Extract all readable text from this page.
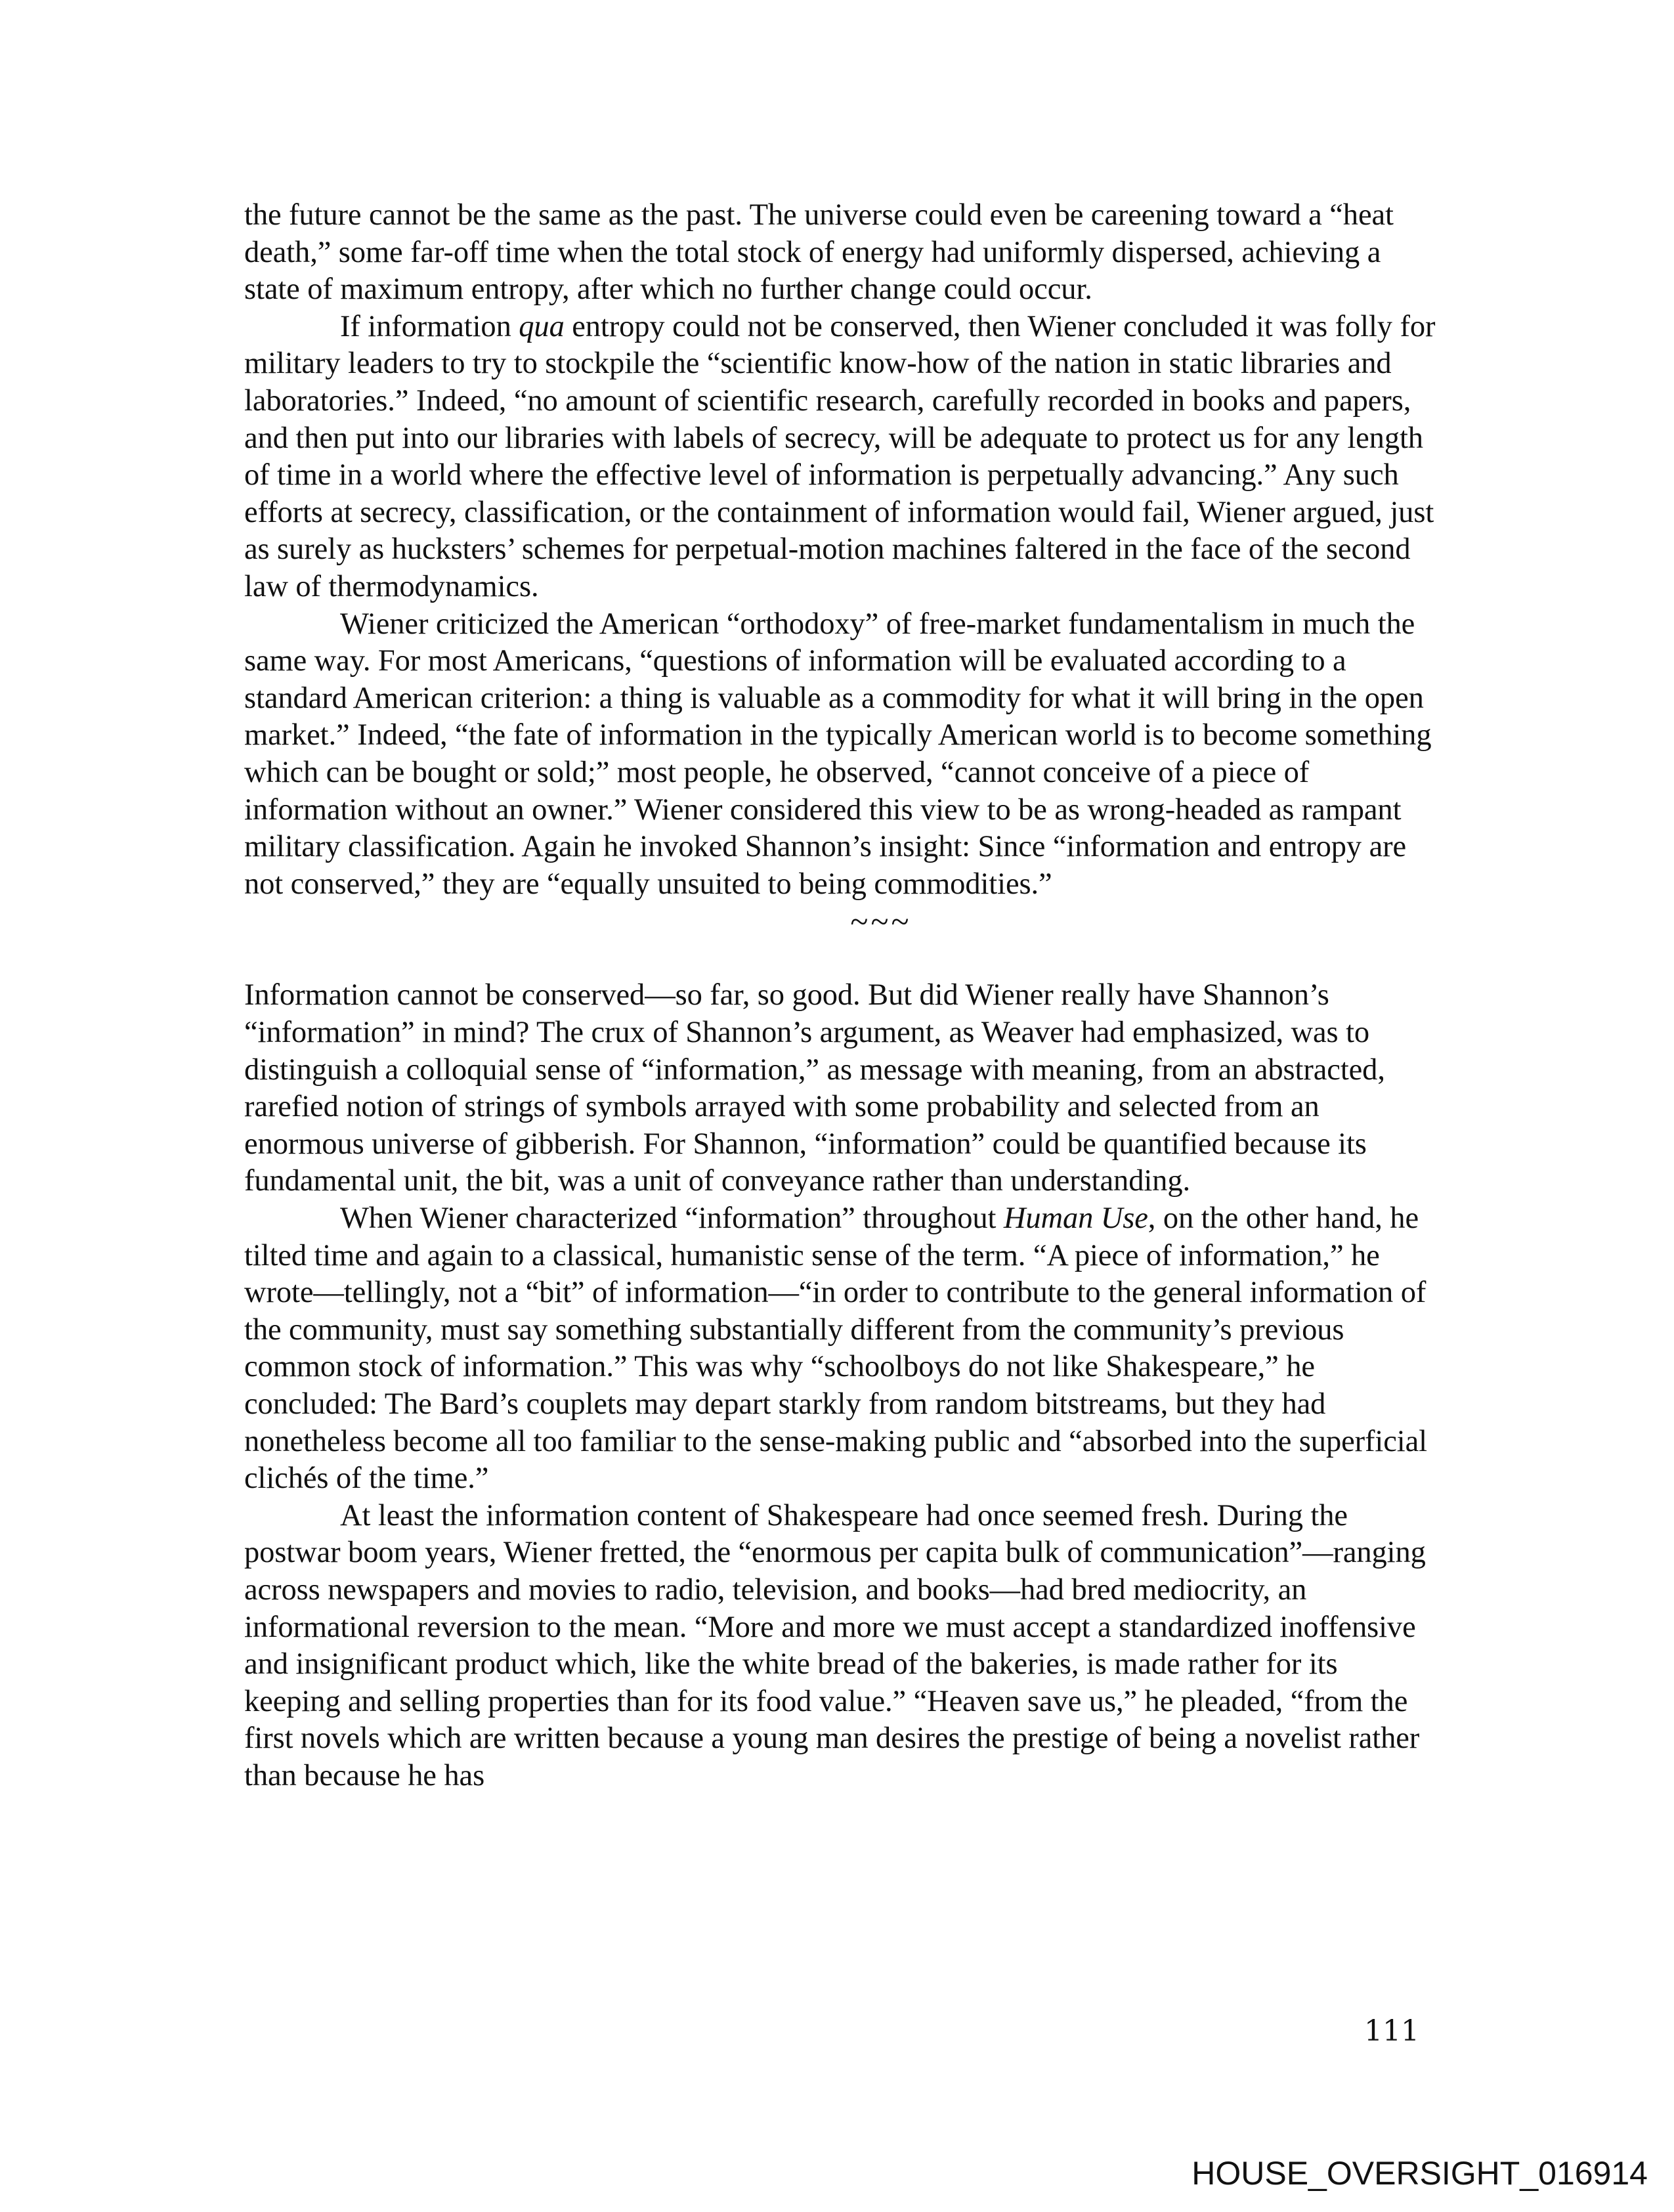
the future cannot be the same as the past. The universe could even be careening toward a “heat death,” some far-off time when the total stock of energy had uniformly dispersed, achieving a state of maximum entropy, after which no further change could occur.

If information qua entropy could not be conserved, then Wiener concluded it was folly for military leaders to try to stockpile the “scientific know-how of the nation in static libraries and laboratories.” Indeed, “no amount of scientific research, carefully recorded in books and papers, and then put into our libraries with labels of secrecy, will be adequate to protect us for any length of time in a world where the effective level of information is perpetually advancing.” Any such efforts at secrecy, classification, or the containment of information would fail, Wiener argued, just as surely as hucksters’ schemes for perpetual-motion machines faltered in the face of the second law of thermodynamics.

Wiener criticized the American “orthodoxy” of free-market fundamentalism in much the same way. For most Americans, “questions of information will be evaluated according to a standard American criterion: a thing is valuable as a commodity for what it will bring in the open market.” Indeed, “the fate of information in the typically American world is to become something which can be bought or sold;” most people, he observed, “cannot conceive of a piece of information without an owner.” Wiener considered this view to be as wrong-headed as rampant military classification. Again he invoked Shannon’s insight: Since “information and entropy are not conserved,” they are “equally unsuited to being commodities.”

~~~

Information cannot be conserved—so far, so good. But did Wiener really have Shannon’s “information” in mind? The crux of Shannon’s argument, as Weaver had emphasized, was to distinguish a colloquial sense of “information,” as message with meaning, from an abstracted, rarefied notion of strings of symbols arrayed with some probability and selected from an enormous universe of gibberish. For Shannon, “information” could be quantified because its fundamental unit, the bit, was a unit of conveyance rather than understanding.

When Wiener characterized “information” throughout Human Use, on the other hand, he tilted time and again to a classical, humanistic sense of the term. “A piece of information,” he wrote—tellingly, not a “bit” of information—“in order to contribute to the general information of the community, must say something substantially different from the community’s previous common stock of information.” This was why “schoolboys do not like Shakespeare,” he concluded: The Bard’s couplets may depart starkly from random bitstreams, but they had nonetheless become all too familiar to the sense-making public and “absorbed into the superficial clichés of the time.”

At least the information content of Shakespeare had once seemed fresh. During the postwar boom years, Wiener fretted, the “enormous per capita bulk of communication”—ranging across newspapers and movies to radio, television, and books—had bred mediocrity, an informational reversion to the mean. “More and more we must accept a standardized inoffensive and insignificant product which, like the white bread of the bakeries, is made rather for its keeping and selling properties than for its food value.” “Heaven save us,” he pleaded, “from the first novels which are written because a young man desires the prestige of being a novelist rather than because he has

111
HOUSE_OVERSIGHT_016914
